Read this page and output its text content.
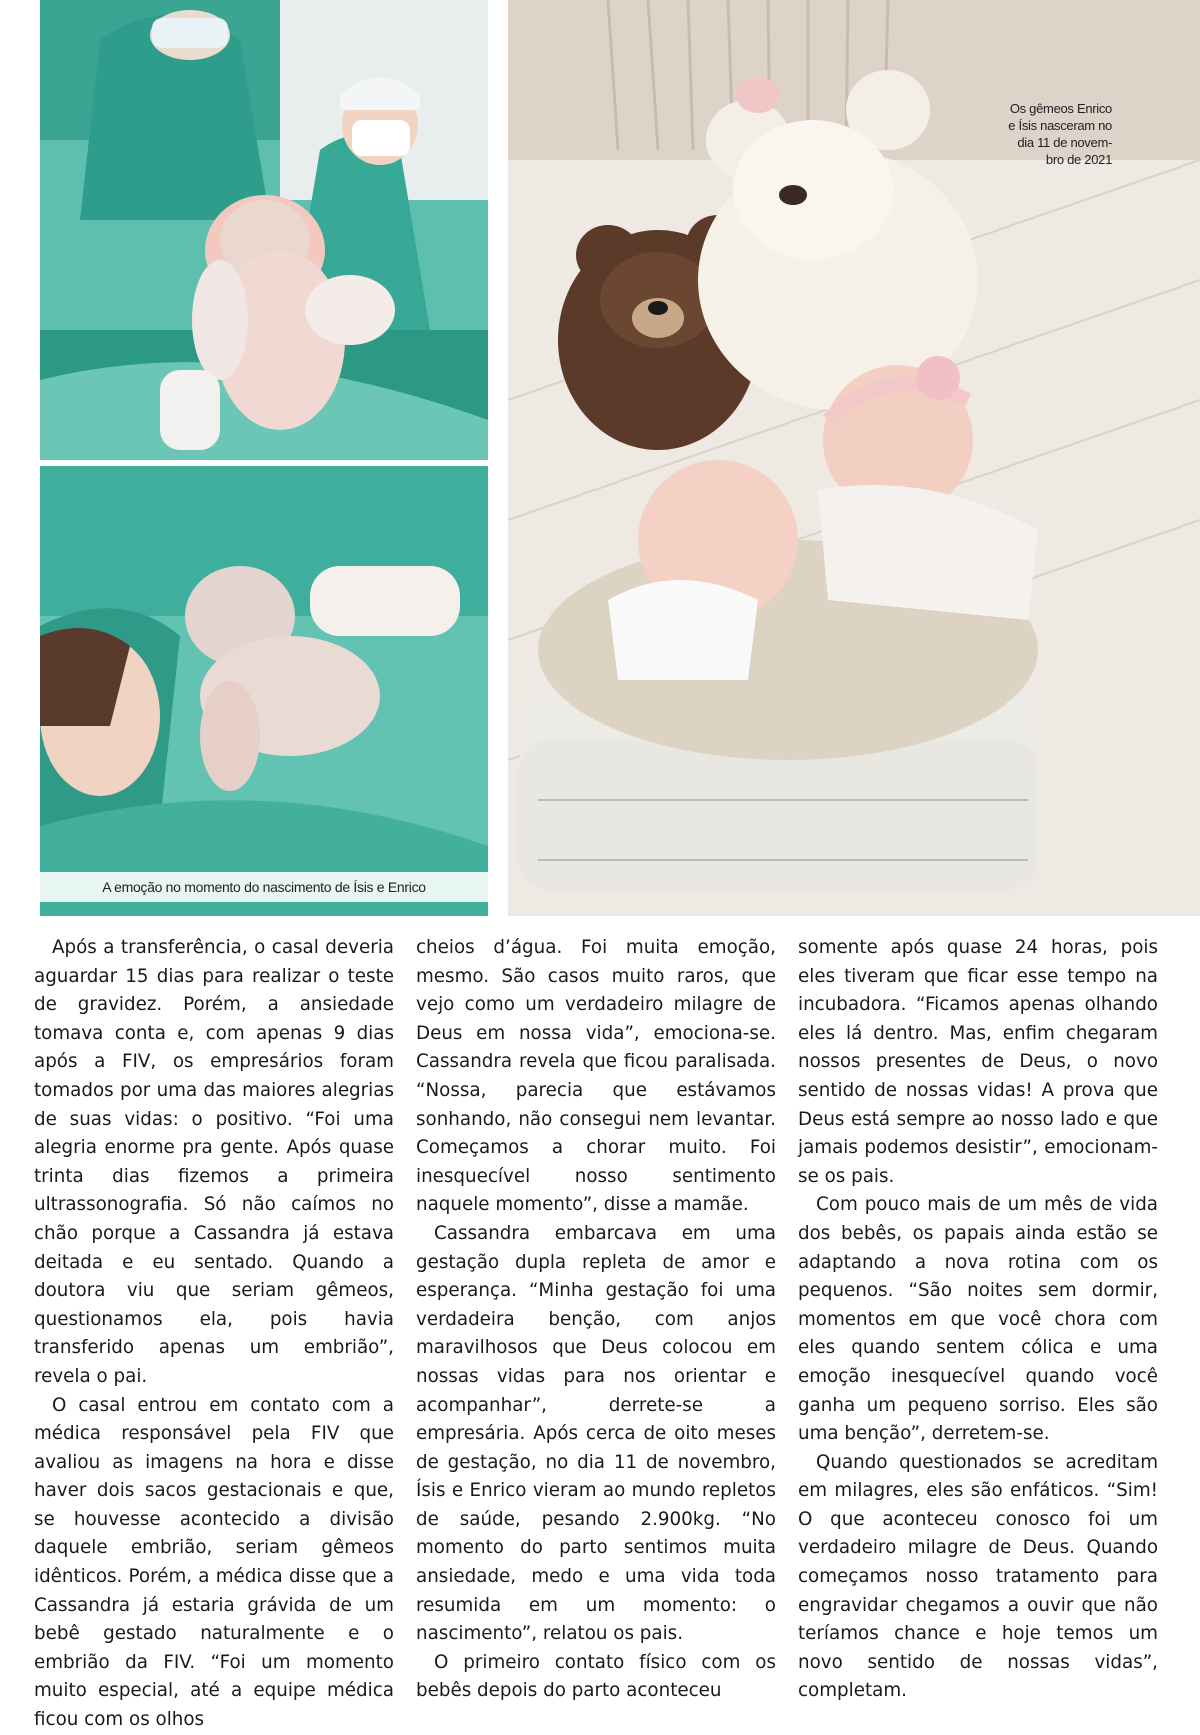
A emoção no momento do nascimento de Ísis e Enrico
Os gêmeos Enrico
e Ísis nasceram no
dia 11 de novem-
bro de 2021

Após a transferência, o casal deveria aguardar 15 dias para realizar o teste de gravidez. Porém, a ansiedade tomava conta e, com apenas 9 dias após a FIV, os empresários foram tomados por uma das maiores alegrias de suas vidas: o positivo. “Foi uma alegria enorme pra gente. Após quase trinta dias fizemos a primeira ultrassonografia. Só não caímos no chão porque a Cassandra já estava deitada e eu sentado. Quando a doutora viu que seriam gêmeos, questionamos ela, pois havia transferido apenas um embrião”, revela o pai.

O casal entrou em contato com a médica responsável pela FIV que avaliou as imagens na hora e disse haver dois sacos gestacionais e que, se houvesse acontecido a divisão daquele embrião, seriam gêmeos idênticos. Porém, a médica disse que a Cassandra já estaria grávida de um bebê gestado naturalmente e o embrião da FIV. “Foi um momento muito especial, até a equipe médica ficou com os olhos

cheios d’água. Foi muita emoção, mesmo. São casos muito raros, que vejo como um verdadeiro milagre de Deus em nossa vida”, emociona-se. Cassandra revela que ficou paralisada. “Nossa, parecia que estávamos sonhando, não consegui nem levantar. Começamos a chorar muito. Foi inesquecível nosso sentimento naquele momento”, disse a mamãe.

Cassandra embarcava em uma gestação dupla repleta de amor e esperança. “Minha gestação foi uma verdadeira benção, com anjos maravilhosos que Deus colocou em nossas vidas para nos orientar e acompanhar”, derrete-se a empresária. Após cerca de oito meses de gestação, no dia 11 de novembro, Ísis e Enrico vieram ao mundo repletos de saúde, pesando 2.900kg. “No momento do parto sentimos muita ansiedade, medo e uma vida toda resumida em um momento: o nascimento”, relatou os pais.

O primeiro contato físico com os bebês depois do parto aconteceu

somente após quase 24 horas, pois eles tiveram que ficar esse tempo na incubadora. “Ficamos apenas olhando eles lá dentro. Mas, enfim chegaram nossos presentes de Deus, o novo sentido de nossas vidas! A prova que Deus está sempre ao nosso lado e que jamais podemos desistir”, emocionam-se os pais.

Com pouco mais de um mês de vida dos bebês, os papais ainda estão se adaptando a nova rotina com os pequenos. “São noites sem dormir, momentos em que você chora com eles quando sentem cólica e uma emoção inesquecível quando você ganha um pequeno sorriso. Eles são uma benção”, derretem-se.

Quando questionados se acreditam em milagres, eles são enfáticos. “Sim! O que aconteceu conosco foi um verdadeiro milagre de Deus. Quando começamos nosso tratamento para engravidar chegamos a ouvir que não teríamos chance e hoje temos um novo sentido de nossas vidas”, completam.
